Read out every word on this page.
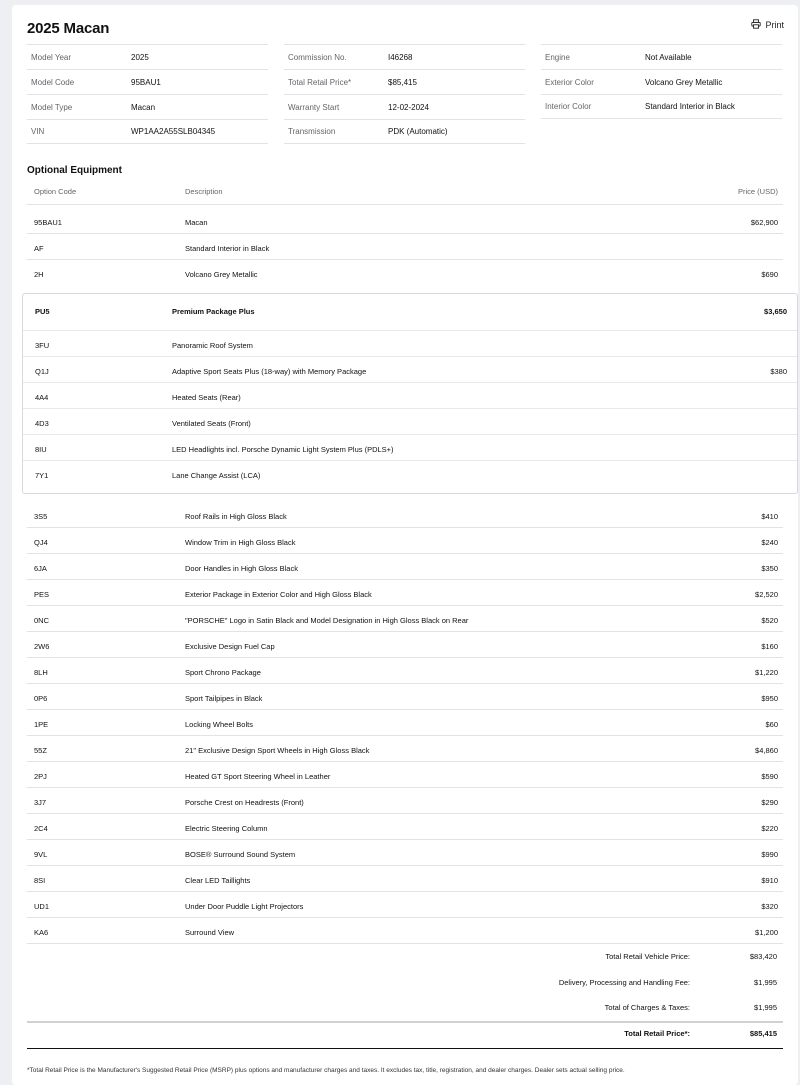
2025 Macan	Print
Model Year	2025
Model Code	95BAU1
Model Type	Macan
VIN	WP1AA2A55SLB04345
Commission No.	I46268
Total Retail Price*	$85,415
Warranty Start	12-02-2024
Transmission	PDK (Automatic)
Engine	Not Available
Exterior Color	Volcano Grey Metallic
Interior Color	Standard Interior in Black
Optional Equipment
Option Code	Description	Price (USD)
95BAU1	Macan	$62,900
AF	Standard Interior in Black
2H	Volcano Grey Metallic	$690
PU5	Premium Package Plus	$3,650
3FU	Panoramic Roof System
Q1J	Adaptive Sport Seats Plus (18-way) with Memory Package	$380
4A4	Heated Seats (Rear)
4D3	Ventilated Seats (Front)
8IU	LED Headlights incl. Porsche Dynamic Light System Plus (PDLS+)
7Y1	Lane Change Assist (LCA)
3S5	Roof Rails in High Gloss Black	$410
QJ4	Window Trim in High Gloss Black	$240
6JA	Door Handles in High Gloss Black	$350
PES	Exterior Package in Exterior Color and High Gloss Black	$2,520
0NC	"PORSCHE" Logo in Satin Black and Model Designation in High Gloss Black on Rear	$520
2W6	Exclusive Design Fuel Cap	$160
8LH	Sport Chrono Package	$1,220
0P6	Sport Tailpipes in Black	$950
1PE	Locking Wheel Bolts	$60
55Z	21" Exclusive Design Sport Wheels in High Gloss Black	$4,860
2PJ	Heated GT Sport Steering Wheel in Leather	$590
3J7	Porsche Crest on Headrests (Front)	$290
2C4	Electric Steering Column	$220
9VL	BOSE® Surround Sound System	$990
8SI	Clear LED Taillights	$910
UD1	Under Door Puddle Light Projectors	$320
KA6	Surround View	$1,200
Total Retail Vehicle Price:	$83,420
Delivery, Processing and Handling Fee:	$1,995
Total of Charges & Taxes:	$1,995
Total Retail Price*:	$85,415
*Total Retail Price is the Manufacturer's Suggested Retail Price (MSRP) plus options and manufacturer charges and taxes. It excludes tax, title, registration, and dealer charges. Dealer sets actual selling price.
